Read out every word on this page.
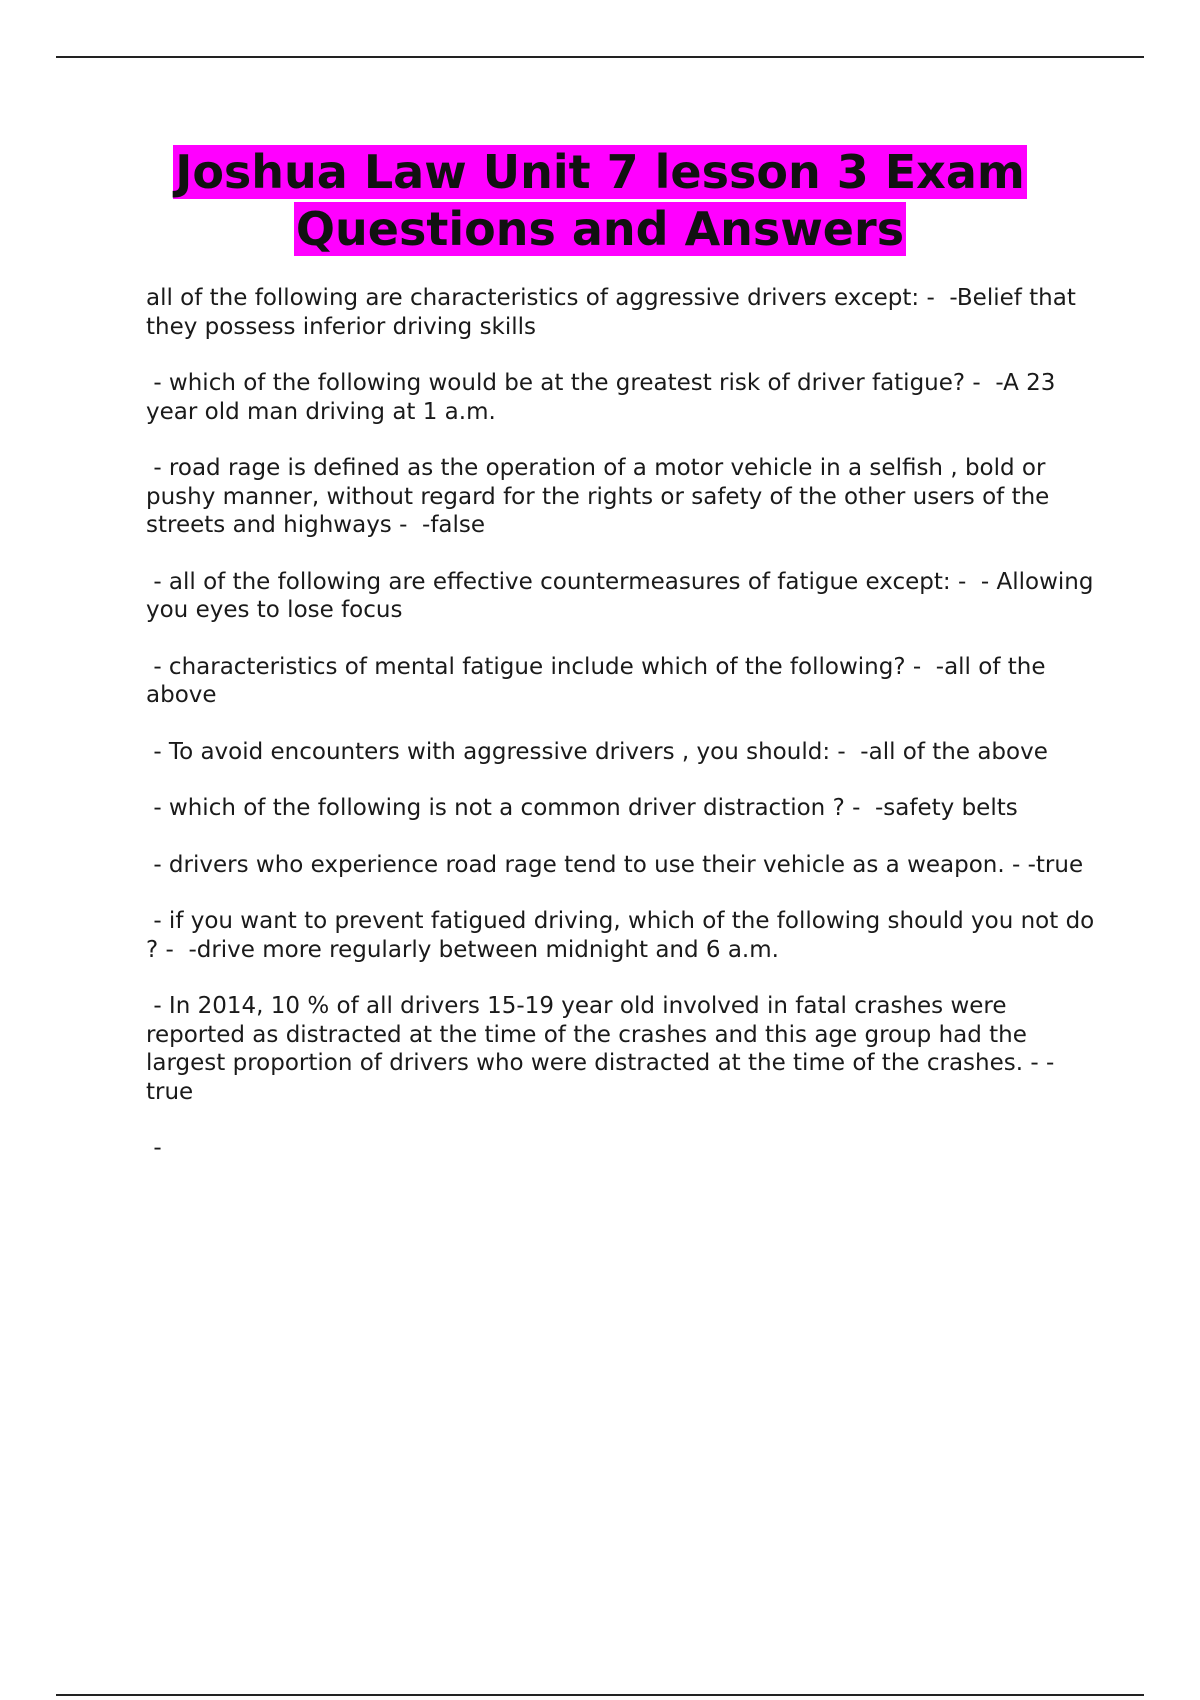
Joshua Law Unit 7 lesson 3 Exam
Questions and Answers

all of the following are characteristics of aggressive drivers except: -  -Belief that they possess inferior driving skills

- which of the following would be at the greatest risk of driver fatigue? -  -A 23 year old man driving at 1 a.m.

- road rage is defined as the operation of a motor vehicle in a selfish , bold or pushy manner, without regard for the rights or safety of the other users of the streets and highways -  -false

- all of the following are effective countermeasures of fatigue except: -  - Allowing you eyes to lose focus

- characteristics of mental fatigue include which of the following? -  -all of the above

- To avoid encounters with aggressive drivers , you should: -  -all of the above

- which of the following is not a common driver distraction ? -  -safety belts

- drivers who experience road rage tend to use their vehicle as a weapon. - -true

- if you want to prevent fatigued driving, which of the following should you not do ? -  -drive more regularly between midnight and 6 a.m.

- In 2014, 10 % of all drivers 15-19 year old involved in fatal crashes were reported as distracted at the time of the crashes and this age group had the largest proportion of drivers who were distracted at the time of the crashes. - -true

-
